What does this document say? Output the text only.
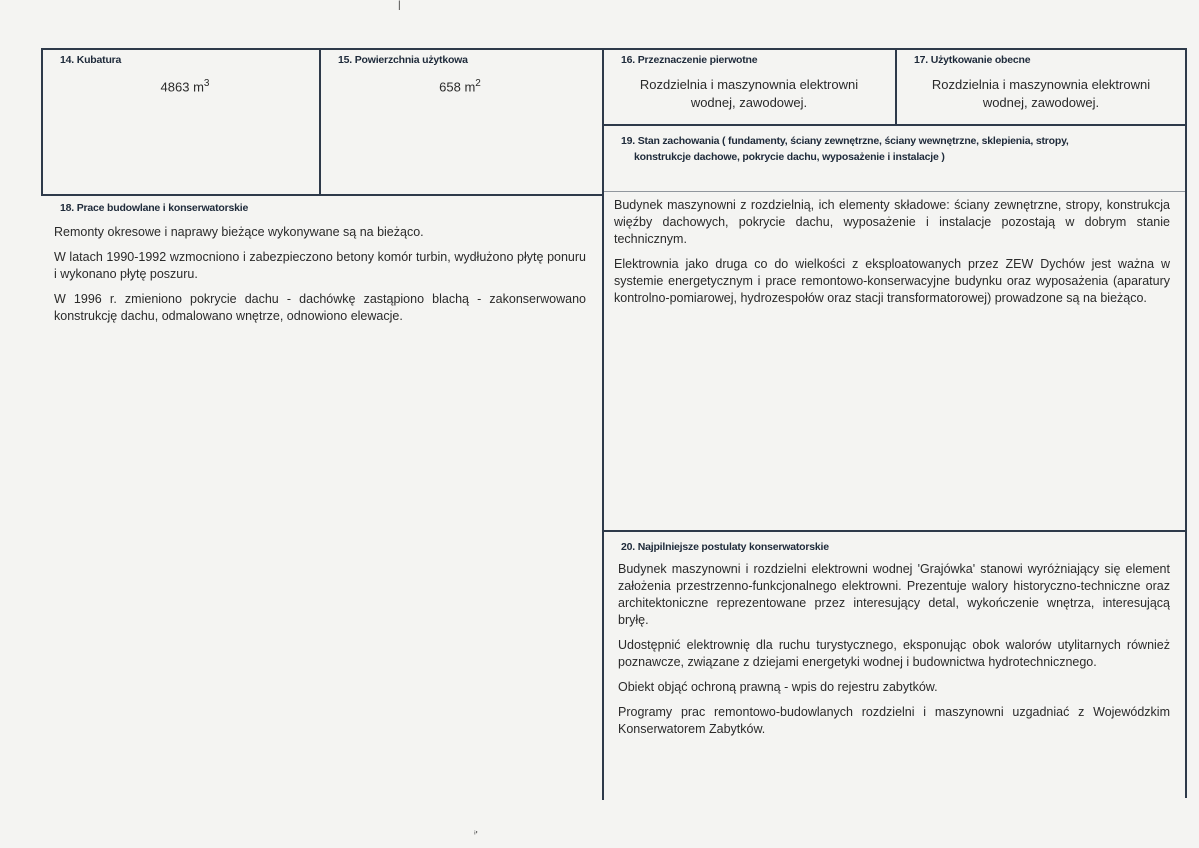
|
ⁱ'
14. Kubatura
4863 $m^3$
15. Powierzchnia użytkowa
658 $m^2$
16. Przeznaczenie pierwotne
Rozdzielnia i maszynownia elektrowni wodnej, zawodowej.
17. Użytkowanie obecne
Rozdzielnia i maszynownia elektrowni wodnej, zawodowej.
18. Prace budowlane i konserwatorskie

Remonty okresowe i naprawy bieżące wykonywane są na bieżąco.

W latach 1990-1992 wzmocniono i zabezpieczono betony komór turbin, wydłużono płytę ponuru i wykonano płytę poszuru.

W 1996 r. zmieniono pokrycie dachu - dachówkę zastąpiono blachą - zakonserwowano konstrukcję dachu, odmalowano wnętrze, odnowiono elewacje.

19. Stan zachowania ( fundamenty, ściany zewnętrzne, ściany wewnętrzne, sklepienia, stropy,
konstrukcje dachowe, pokrycie dachu, wyposażenie i instalacje )

Budynek maszynowni z rozdzielnią, ich elementy składowe: ściany zewnętrzne, stropy, konstrukcja więźby dachowych, pokrycie dachu, wyposażenie i instalacje pozostają w dobrym stanie technicznym.

Elektrownia jako druga co do wielkości z eksploatowanych przez ZEW Dychów jest ważna w systemie energetycznym i prace remontowo-konserwacyjne budynku oraz wyposażenia (aparatury kontrolno-pomiarowej, hydrozespołów oraz stacji transformatorowej) prowadzone są na bieżąco.

20. Najpilniejsze postulaty konserwatorskie

Budynek maszynowni i rozdzielni elektrowni wodnej 'Grajówka' stanowi wyróżniający się element założenia przestrzenno-funkcjonalnego elektrowni. Prezentuje walory historyczno-techniczne oraz architektoniczne reprezentowane przez interesujący detal, wykończenie wnętrza, interesującą bryłę.

Udostępnić elektrownię dla ruchu turystycznego, eksponując obok walorów utylitarnych również poznawcze, związane z dziejami energetyki wodnej i budownictwa hydrotechnicznego.

Obiekt objąć ochroną prawną - wpis do rejestru zabytków.

Programy prac remontowo-budowlanych rozdzielni i maszynowni uzgadniać z Wojewódzkim Konserwatorem Zabytków.
